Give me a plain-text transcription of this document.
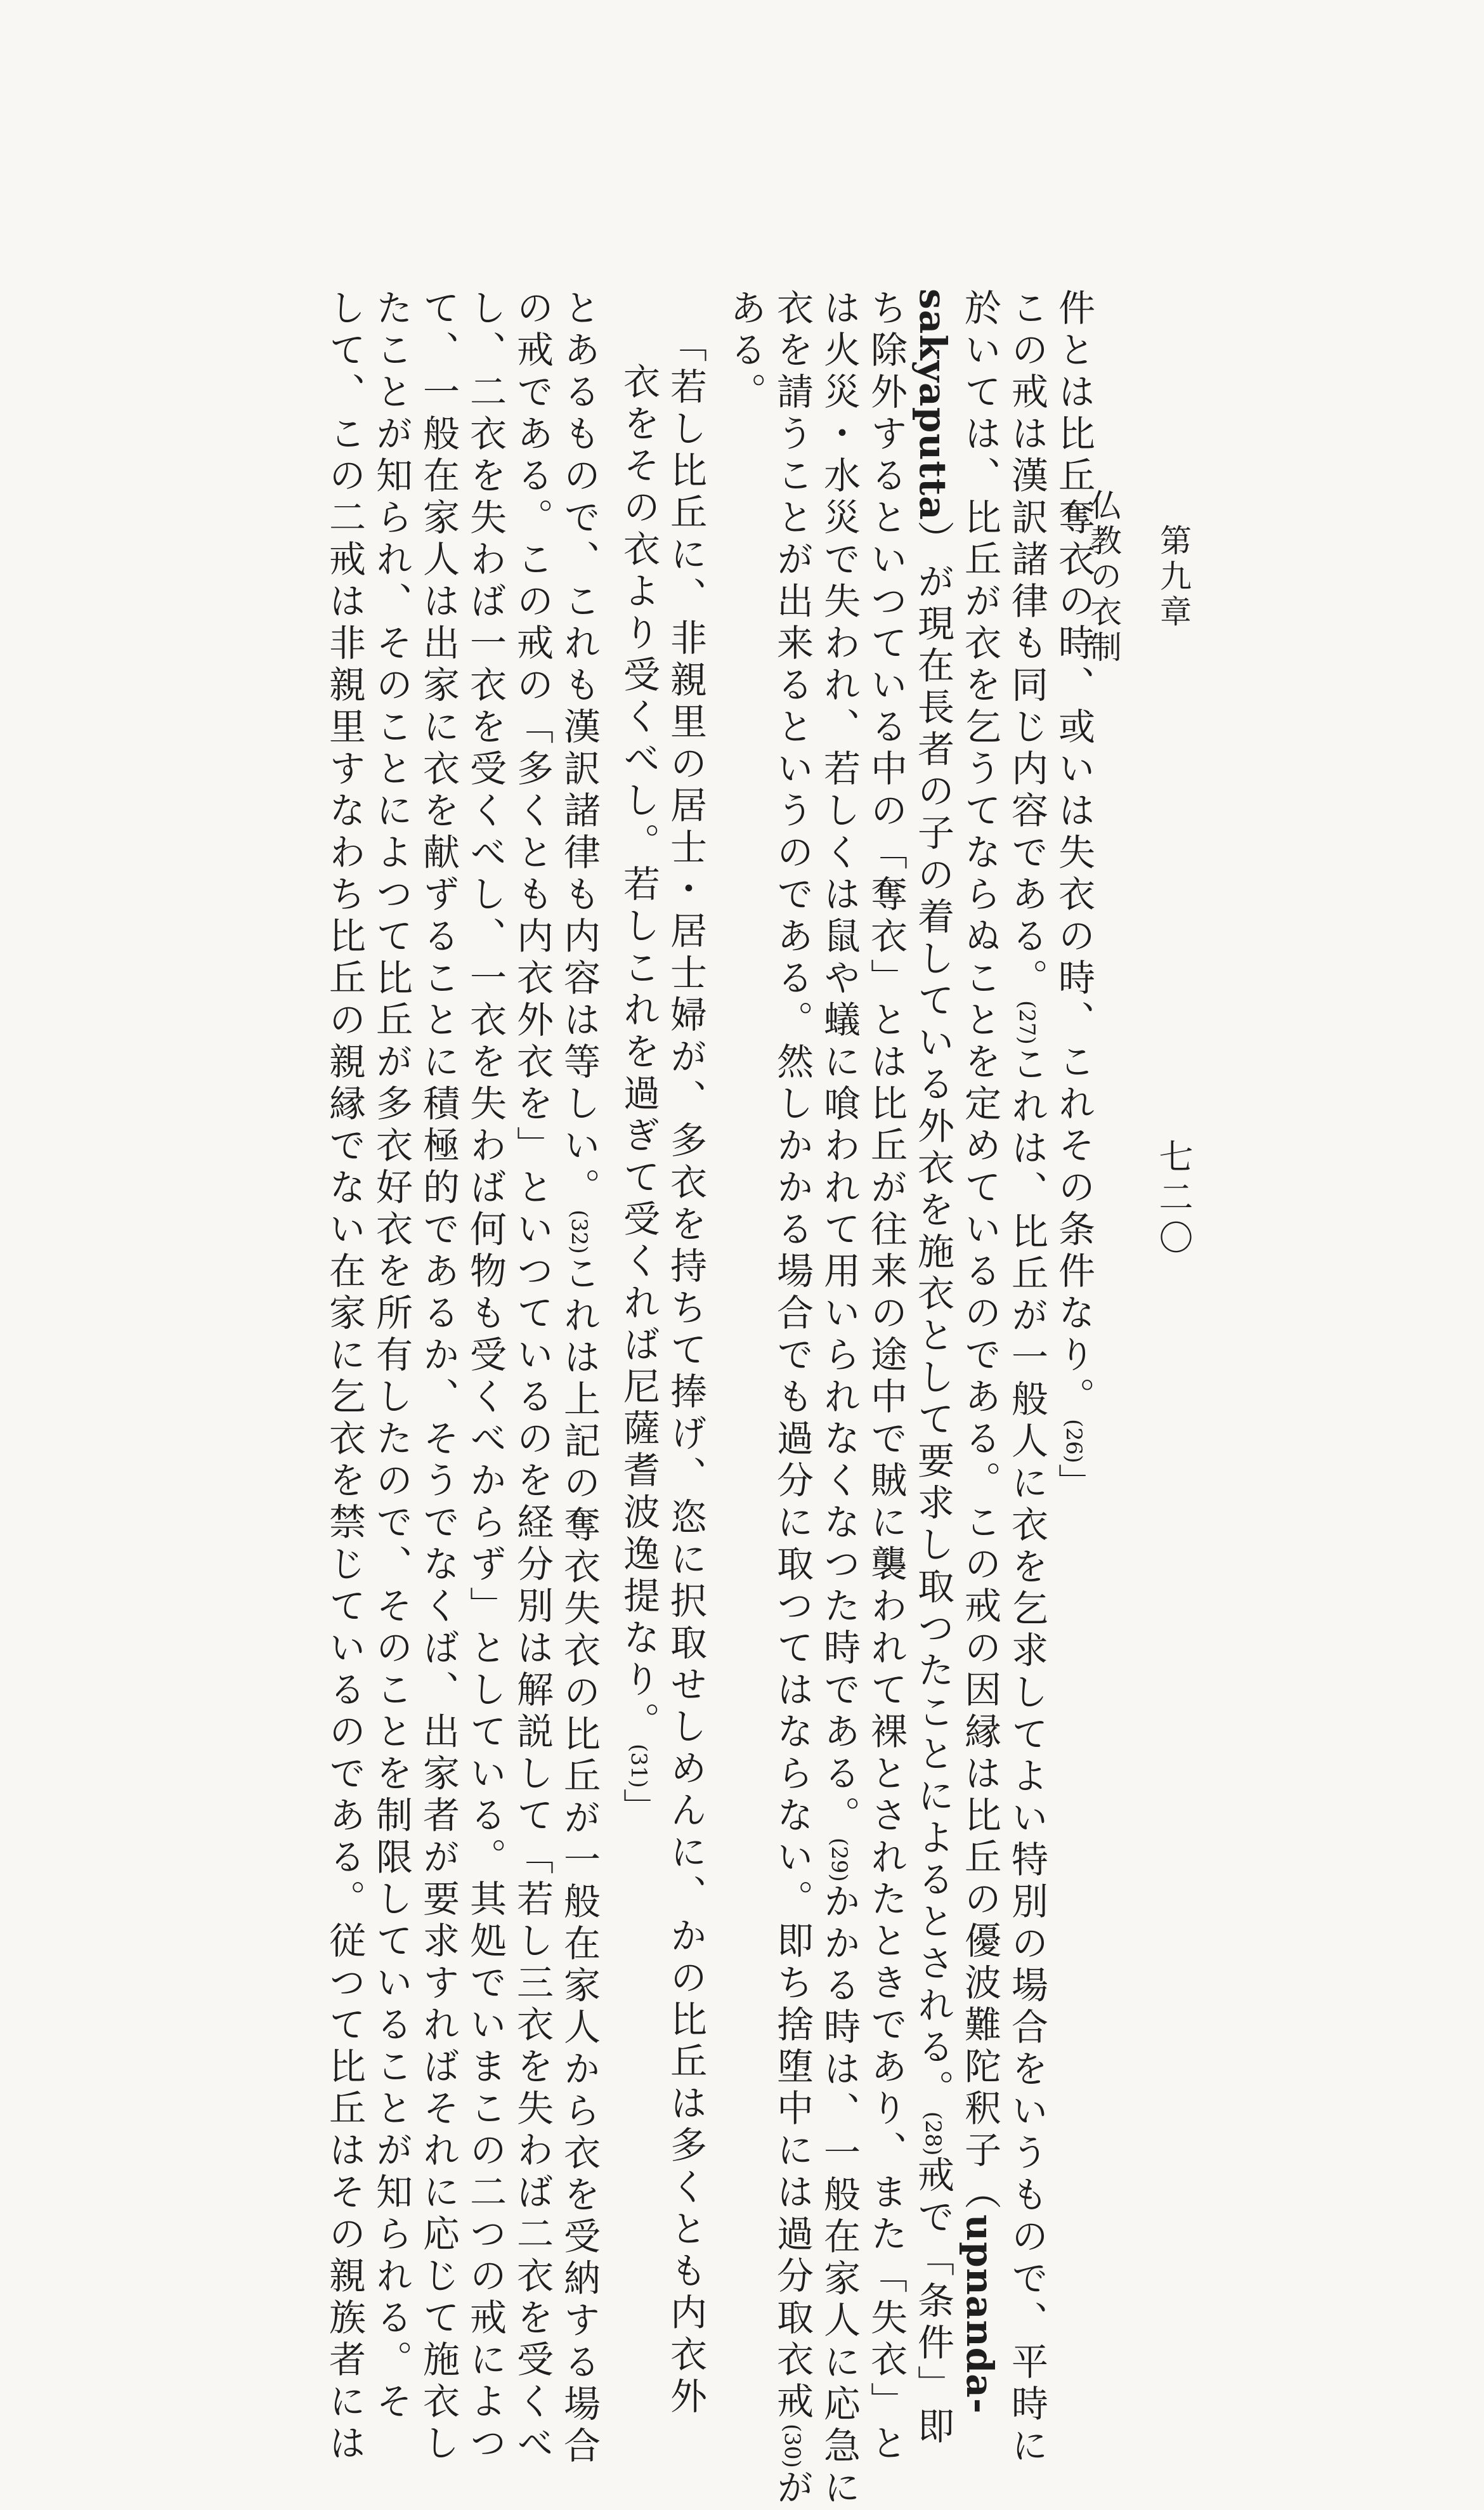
第九章
仏教の衣制
七二〇
件とは比丘奪衣の時、或いは失衣の時、これその条件なり。(26)」
この戒は漢訳諸律も同じ内容である。(27)これは、比丘が一般人に衣を乞求してよい特別の場合をいうもので、平時に
於いては、比丘が衣を乞うてならぬことを定めているのである。この戒の因縁は比丘の優波難陀釈子（upnanda-
sakyaputta）が現在長者の子の着している外衣を施衣として要求し取つたことによるとされる。(28)戒で「条件」即
ち除外するといつている中の「奪衣」とは比丘が往来の途中で賊に襲われて裸とされたときであり、また「失衣」と
は火災・水災で失われ、若しくは鼠や蟻に喰われて用いられなくなつた時である。(29)かかる時は、一般在家人に応急に
衣を請うことが出来るというのである。然しかかる場合でも過分に取つてはならない。即ち捨堕中には過分取衣戒(30)が
ある。
「若し比丘に、非親里の居士・居士婦が、多衣を持ちて捧げ、恣に択取せしめんに、かの比丘は多くとも内衣外
衣をその衣より受くべし。若しこれを過ぎて受くれば尼薩耆波逸提なり。(31)」
とあるもので、これも漢訳諸律も内容は等しい。(32)これは上記の奪衣失衣の比丘が一般在家人から衣を受納する場合
の戒である。この戒の「多くとも内衣外衣を」といつているのを経分別は解説して「若し三衣を失わば二衣を受くべ
し、二衣を失わば一衣を受くべし、一衣を失わば何物も受くべからず」としている。其処でいまこの二つの戒によつ
て、一般在家人は出家に衣を献ずることに積極的であるか、そうでなくば、出家者が要求すればそれに応じて施衣し
たことが知られ、そのことによつて比丘が多衣好衣を所有したので、そのことを制限していることが知られる。そ
して、この二戒は非親里すなわち比丘の親縁でない在家に乞衣を禁じているのである。従つて比丘はその親族者には
